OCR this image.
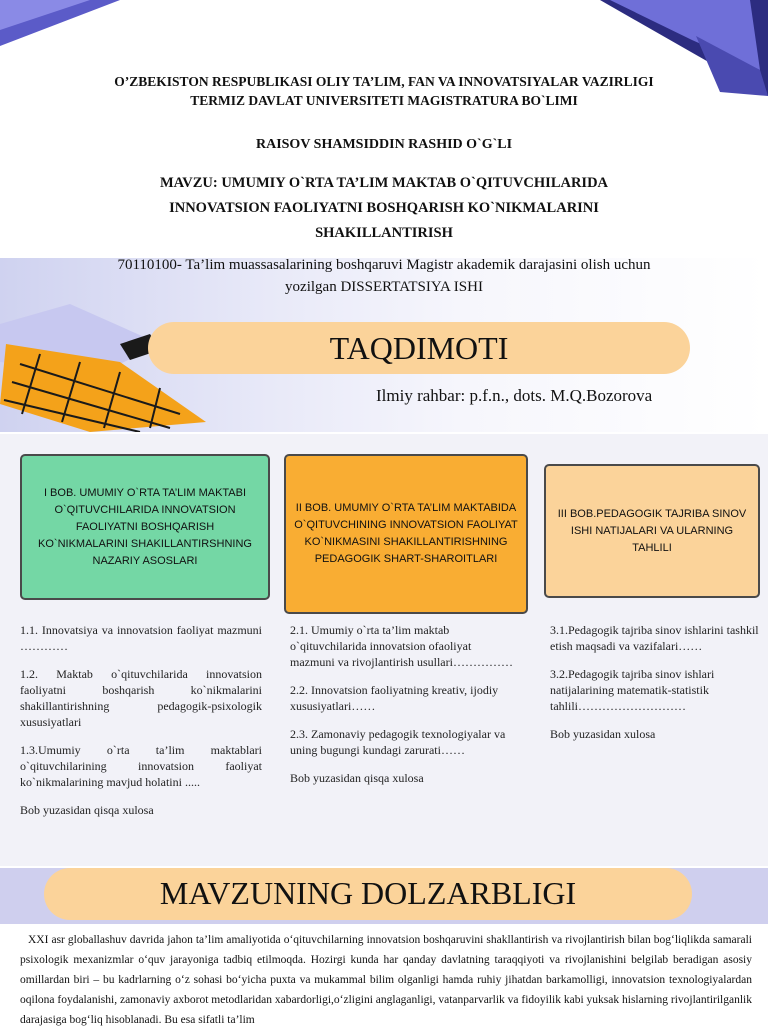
O’ZBEKISTON RESPUBLIKASI OLIY TA’LIM, FAN VA INNOVATSIYALAR VAZIRLIGI
TERMIZ DAVLAT UNIVERSITETI MAGISTRATURA BO`LIMI
RAISOV SHAMSIDDIN RASHID O`G`LI
MAVZU: UMUMIY O`RTA TA’LIM MAKTAB O`QITUVCHILARIDA
INNOVATSION FAOLIYATNI BOSHQARISH KO`NIKMALARINI
SHAKILLANTIRISH
70110100- Ta’lim muassasalarining boshqaruvi Magistr akademik darajasini olish uchun
yozilgan DISSERTATSIYA ISHI
TAQDIMOTI
Ilmiy rahbar: p.f.n., dots. M.Q.Bozorova
I BOB. UMUMIY O`RTA TA’LIM MAKTABI O`QITUVCHILARIDA INNOVATSION FAOLIYATNI BOSHQARISH KO`NIKMALARINI SHAKILLANTIRSHNING NAZARIY ASOSLARI
II BOB. UMUMIY O`RTA TA’LIM MAKTABIDA O`QITUVCHINING INNOVATSION FAOLIYAT KO`NIKMASINI SHAKILLANTIRISHNING PEDAGOGIK SHART-SHAROITLARI
III BOB.PEDAGOGIK TAJRIBA SINOV ISHI NATIJALARI VA ULARNING TAHLILI

1.1. Innovatsiya va innovatsion faoliyat mazmuni …………

1.2. Maktab o`qituvchilarida innovatsion faoliyatni boshqarish ko`nikmalarini shakillantirishning pedagogik-psixologik xususiyatlari

1.3.Umumiy o`rta ta’lim maktablari o`qituvchilarining innovatsion faoliyat ko`nikmalarining mavjud holatini .....

Bob yuzasidan qisqa xulosa

2.1. Umumiy o`rta ta’lim maktab o`qituvchilarida innovatsion ofaoliyat mazmuni va rivojlantirish usullari……………

2.2. Innovatsion faoliyatning kreativ, ijodiy xususiyatlari……

2.3. Zamonaviy pedagogik texnologiyalar va uning bugungi kundagi zarurati……

Bob yuzasidan qisqa xulosa

3.1.Pedagogik tajriba sinov ishlarini tashkil etish maqsadi va vazifalari……

3.2.Pedagogik tajriba sinov ishlari natijalarining matematik-statistik tahlili………………………

Bob yuzasidan xulosa

MAVZUNING DOLZARBLIGI
XXI asr globallashuv davrida jahon ta’lim amaliyotida o‘qituvchilarning innovatsion boshqaruvini shakllantirish va rivojlantirish bilan bog‘liqlikda samarali psixologik mexanizmlar o‘quv jarayoniga tadbiq etilmoqda. Hozirgi kunda har qanday davlatning taraqqiyoti va rivojlanishini belgilab beradigan asosiy omillardan biri – bu kadrlarning o‘z sohasi bo‘yicha puxta va mukammal bilim olganligi hamda ruhiy jihatdan barkamolligi, innovatsion texnologiyalardan oqilona foydalanishi, zamonaviy axborot metodlaridan xabardorligi,o‘zligini anglaganligi, vatanparvarlik va fidoyilik kabi yuksak hislarning rivojlantirilganlik darajasiga bog‘liq hisoblanadi. Bu esa sifatli ta’lim
